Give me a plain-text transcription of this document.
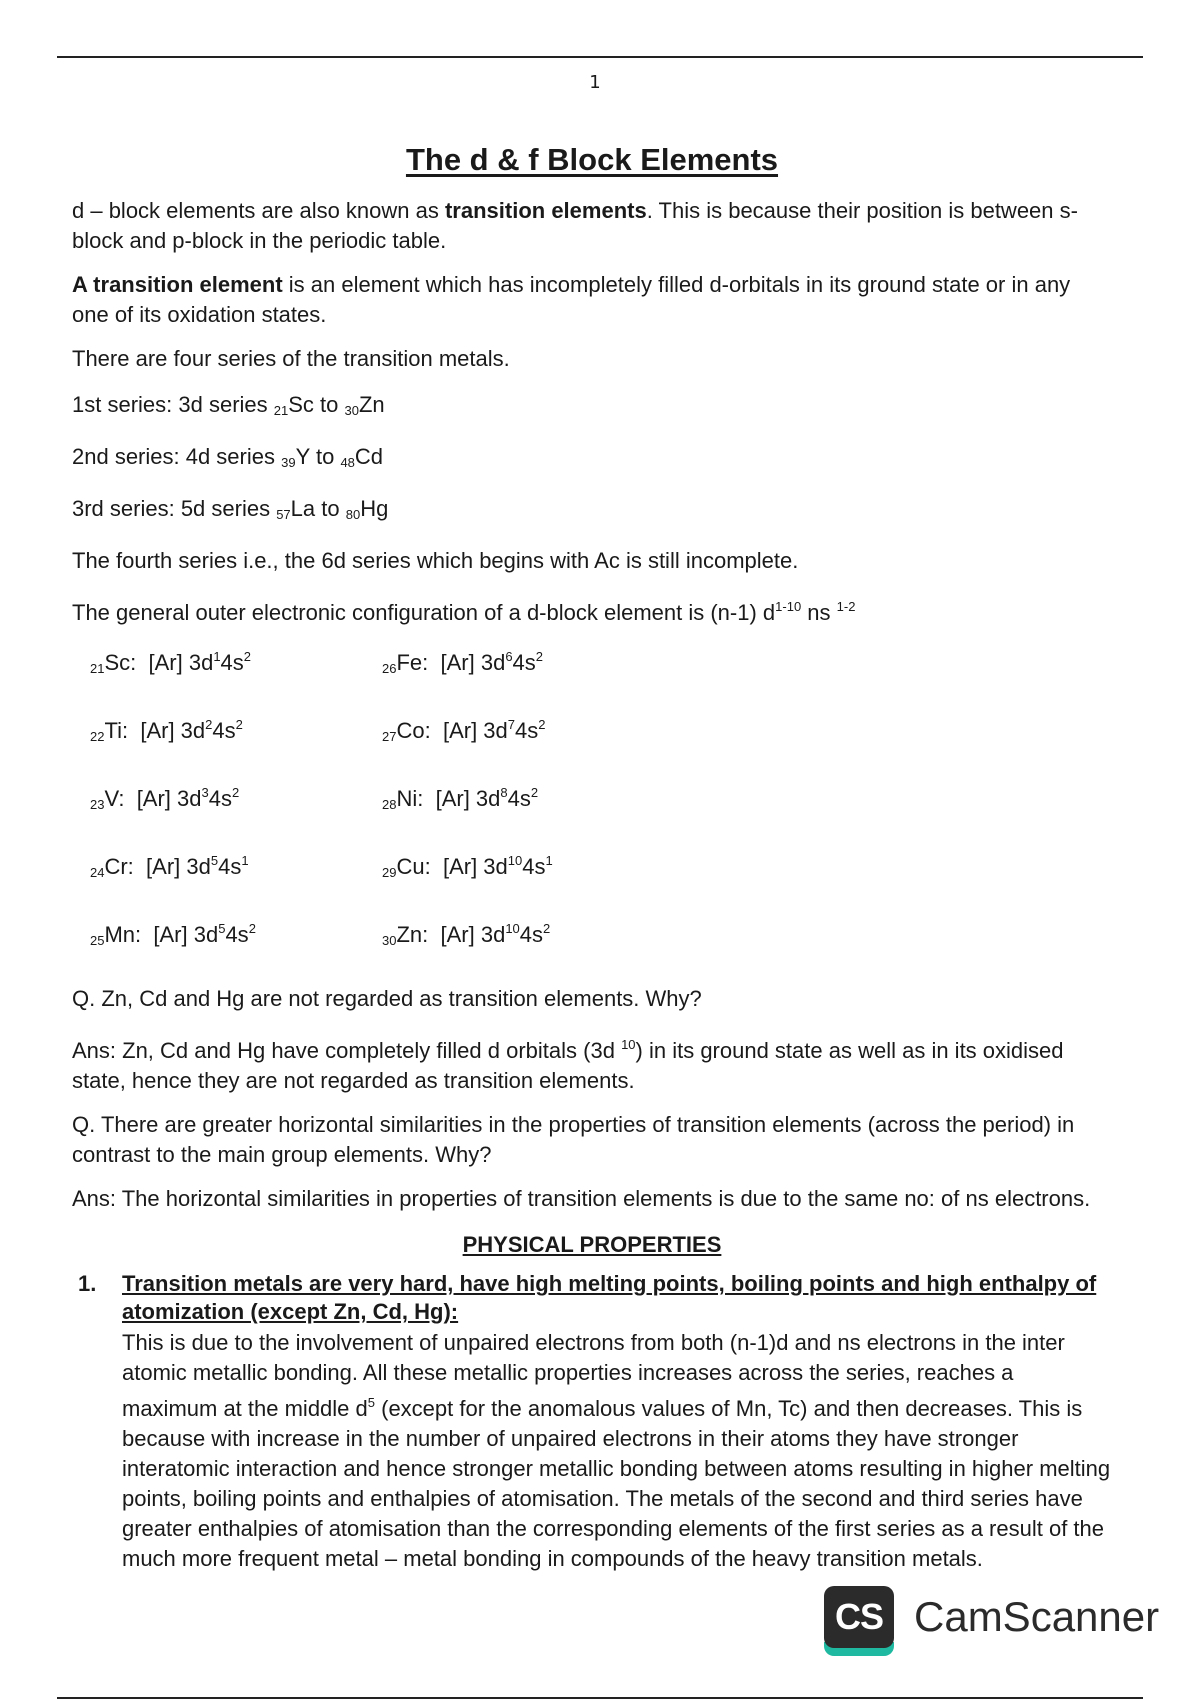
1
The d & f Block Elements

d – block elements are also known as transition elements. This is because their position is between s-block and p-block in the periodic table.

A transition element is an element which has incompletely filled d-orbitals in its ground state or in any one of its oxidation states.

There are four series of the transition metals.

1st series: 3d series $_{21}$Sc to $_{30}$Zn

2nd series: 4d series $_{39}$Y to $_{48}$Cd

3rd series: 5d series $_{57}$La to $_{80}$Hg

The fourth series i.e., the 6d series which begins with Ac is still incomplete.

The general outer electronic configuration of a d-block element is (n-1) $d^{1-10}$ ns $^{1-2}$

$_{21}$Sc: [Ar] $3d^14s^2$
$_{26}$Fe: [Ar] $3d^64s^2$
$_{22}$Ti: [Ar] $3d^24s^2$
$_{27}$Co: [Ar] $3d^74s^2$
$_{23}$V: [Ar] $3d^34s^2$
$_{28}$Ni: [Ar] $3d^84s^2$
$_{24}$Cr: [Ar] $3d^54s^1$
$_{29}$Cu: [Ar] $3d^{10}4s^1$
$_{25}$Mn: [Ar] $3d^54s^2$
$_{30}$Zn: [Ar] $3d^{10}4s^2$

Q. Zn, Cd and Hg are not regarded as transition elements. Why?

Ans: Zn, Cd and Hg have completely filled d orbitals (3d $^{10}$) in its ground state as well as in its oxidised state, hence they are not regarded as transition elements.

Q. There are greater horizontal similarities in the properties of transition elements (across the period) in contrast to the main group elements. Why?

Ans: The horizontal similarities in properties of transition elements is due to the same no: of ns electrons.

PHYSICAL PROPERTIES
1.	Transition metals are very hard, have high melting points, boiling points and high enthalpy of atomization (except Zn, Cd, Hg):
This is due to the involvement of unpaired electrons from both (n-1)d and ns electrons in the inter atomic metallic bonding. All these metallic properties increases across the series, reaches a maximum at the middle $d^5$ (except for the anomalous values of Mn, Tc) and then decreases. This is because with increase in the number of unpaired electrons in their atoms they have stronger interatomic interaction and hence stronger metallic bonding between atoms resulting in higher melting points, boiling points and enthalpies of atomisation. The metals of the second and third series have greater enthalpies of atomisation than the corresponding elements of the first series as a result of the much more frequent metal – metal bonding in compounds of the heavy transition metals.
CS CamScanner
